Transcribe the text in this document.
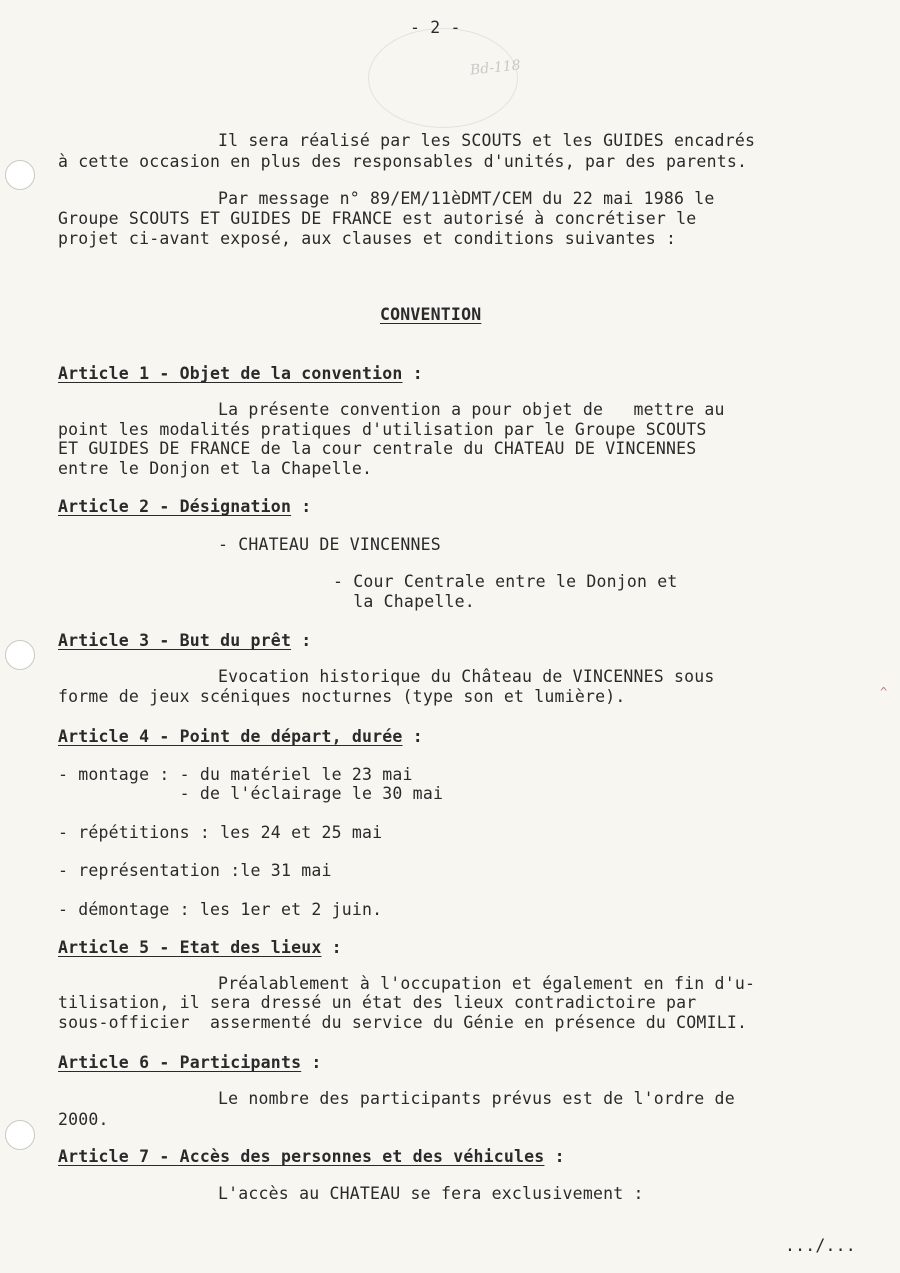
Bd-118
^
- 2 -
Il sera réalisé par les SCOUTS et les GUIDES encadrés
à cette occasion en plus des responsables d'unités, par des parents.
Par message n° 89/EM/11èDMT/CEM du 22 mai 1986 le
Groupe SCOUTS ET GUIDES DE FRANCE est autorisé à concrétiser le
projet ci-avant exposé, aux clauses et conditions suivantes :
CONVENTION
Article 1 - Objet de la convention :
La présente convention a pour objet de   mettre au
point les modalités pratiques d'utilisation par le Groupe SCOUTS
ET GUIDES DE FRANCE de la cour centrale du CHATEAU DE VINCENNES
entre le Donjon et la Chapelle.
Article 2 - Désignation :
- CHATEAU DE VINCENNES
- Cour Centrale entre le Donjon et
la Chapelle.
Article 3 - But du prêt :
Evocation historique du Château de VINCENNES sous
forme de jeux scéniques nocturnes (type son et lumière).
Article 4 - Point de départ, durée :
- montage : - du matériel le 23 mai
- de l'éclairage le 30 mai
- répétitions : les 24 et 25 mai
- représentation :le 31 mai
- démontage : les 1er et 2 juin.
Article 5 - Etat des lieux :
Préalablement à l'occupation et également en fin d'u-
tilisation, il sera dressé un état des lieux contradictoire par
sous-officier  assermenté du service du Génie en présence du COMILI.
Article 6 - Participants :
Le nombre des participants prévus est de l'ordre de
2000.
Article 7 - Accès des personnes et des véhicules :
L'accès au CHATEAU se fera exclusivement :
.../...
